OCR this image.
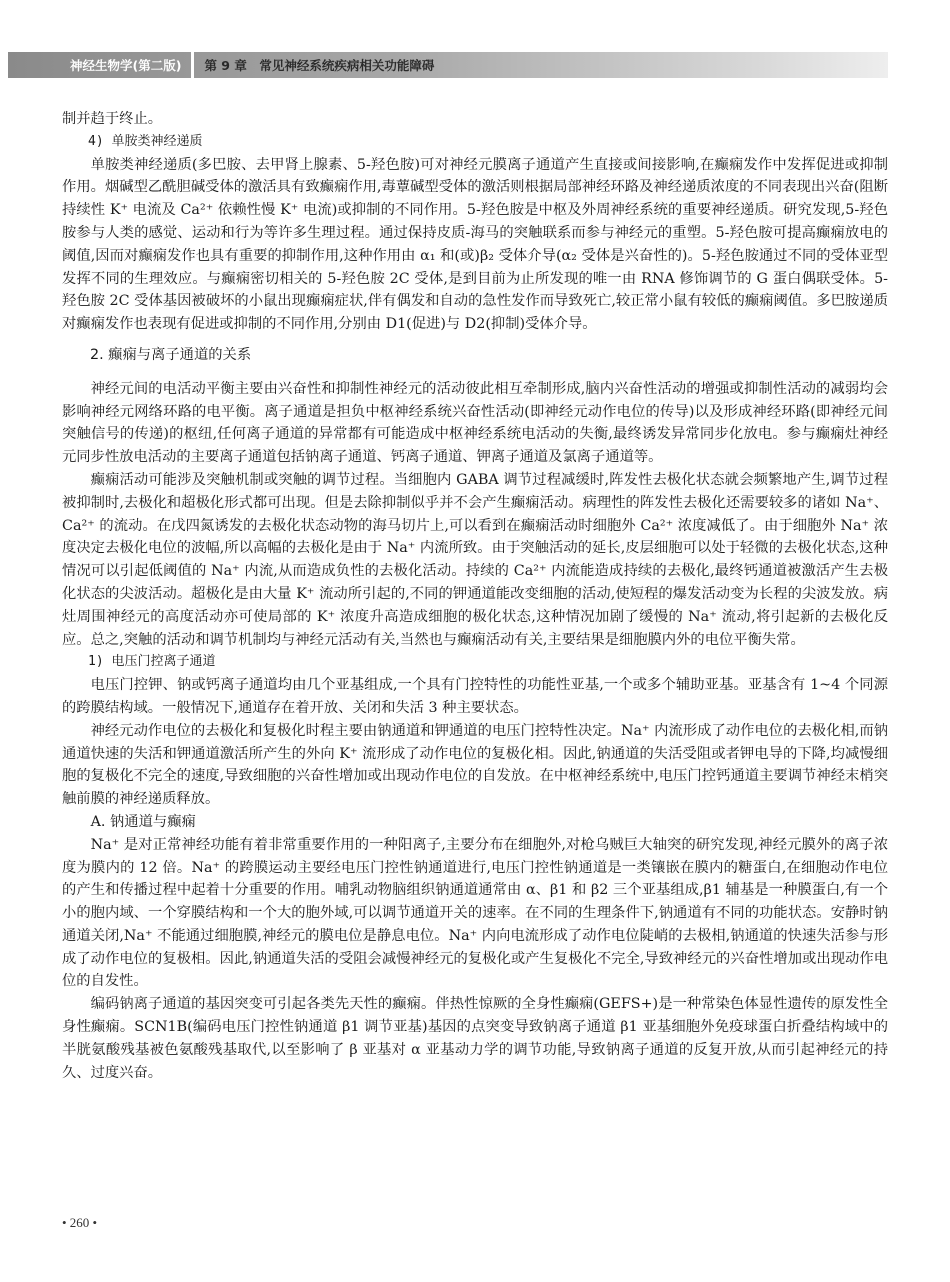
神经生物学(第二版)	第 9 章　常见神经系统疾病相关功能障碍

制并趋于终止。

4) 单胺类神经递质

单胺类神经递质(多巴胺、去甲肾上腺素、5-羟色胺)可对神经元膜离子通道产生直接或间接影响,在癫痫发作中发挥促进或抑制作用。烟碱型乙酰胆碱受体的激活具有致癫痫作用,毒蕈碱型受体的激活则根据局部神经环路及神经递质浓度的不同表现出兴奋(阻断持续性 K⁺ 电流及 Ca²⁺ 依赖性慢 K⁺ 电流)或抑制的不同作用。5-羟色胺是中枢及外周神经系统的重要神经递质。研究发现,5-羟色胺参与人类的感觉、运动和行为等许多生理过程。通过保持皮质-海马的突触联系而参与神经元的重塑。5-羟色胺可提高癫痫放电的阈值,因而对癫痫发作也具有重要的抑制作用,这种作用由 α₁ 和(或)β₂ 受体介导(α₂ 受体是兴奋性的)。5-羟色胺通过不同的受体亚型发挥不同的生理效应。与癫痫密切相关的 5-羟色胺 2C 受体,是到目前为止所发现的唯一由 RNA 修饰调节的 G 蛋白偶联受体。5-羟色胺 2C 受体基因被破坏的小鼠出现癫痫症状,伴有偶发和自动的急性发作而导致死亡,较正常小鼠有较低的癫痫阈值。多巴胺递质对癫痫发作也表现有促进或抑制的不同作用,分别由 D1(促进)与 D2(抑制)受体介导。

2. 癫痫与离子通道的关系

神经元间的电活动平衡主要由兴奋性和抑制性神经元的活动彼此相互牵制形成,脑内兴奋性活动的增强或抑制性活动的减弱均会影响神经元网络环路的电平衡。离子通道是担负中枢神经系统兴奋性活动(即神经元动作电位的传导)以及形成神经环路(即神经元间突触信号的传递)的枢纽,任何离子通道的异常都有可能造成中枢神经系统电活动的失衡,最终诱发异常同步化放电。参与癫痫灶神经元同步性放电活动的主要离子通道包括钠离子通道、钙离子通道、钾离子通道及氯离子通道等。

癫痫活动可能涉及突触机制或突触的调节过程。当细胞内 GABA 调节过程减缓时,阵发性去极化状态就会频繁地产生,调节过程被抑制时,去极化和超极化形式都可出现。但是去除抑制似乎并不会产生癫痫活动。病理性的阵发性去极化还需要较多的诸如 Na⁺、Ca²⁺ 的流动。在戊四氮诱发的去极化状态动物的海马切片上,可以看到在癫痫活动时细胞外 Ca²⁺ 浓度减低了。由于细胞外 Na⁺ 浓度决定去极化电位的波幅,所以高幅的去极化是由于 Na⁺ 内流所致。由于突触活动的延长,皮层细胞可以处于轻微的去极化状态,这种情况可以引起低阈值的 Na⁺ 内流,从而造成负性的去极化活动。持续的 Ca²⁺ 内流能造成持续的去极化,最终钙通道被激活产生去极化状态的尖波活动。超极化是由大量 K⁺ 流动所引起的,不同的钾通道能改变细胞的活动,使短程的爆发活动变为长程的尖波发放。病灶周围神经元的高度活动亦可使局部的 K⁺ 浓度升高造成细胞的极化状态,这种情况加剧了缓慢的 Na⁺ 流动,将引起新的去极化反应。总之,突触的活动和调节机制均与神经元活动有关,当然也与癫痫活动有关,主要结果是细胞膜内外的电位平衡失常。

1) 电压门控离子通道

电压门控钾、钠或钙离子通道均由几个亚基组成,一个具有门控特性的功能性亚基,一个或多个辅助亚基。亚基含有 1~4 个同源的跨膜结构域。一般情况下,通道存在着开放、关闭和失活 3 种主要状态。

神经元动作电位的去极化和复极化时程主要由钠通道和钾通道的电压门控特性决定。Na⁺ 内流形成了动作电位的去极化相,而钠通道快速的失活和钾通道激活所产生的外向 K⁺ 流形成了动作电位的复极化相。因此,钠通道的失活受阻或者钾电导的下降,均减慢细胞的复极化不完全的速度,导致细胞的兴奋性增加或出现动作电位的自发放。在中枢神经系统中,电压门控钙通道主要调节神经末梢突触前膜的神经递质释放。

A. 钠通道与癫痫

Na⁺ 是对正常神经功能有着非常重要作用的一种阳离子,主要分布在细胞外,对枪乌贼巨大轴突的研究发现,神经元膜外的离子浓度为膜内的 12 倍。Na⁺ 的跨膜运动主要经电压门控性钠通道进行,电压门控性钠通道是一类镶嵌在膜内的糖蛋白,在细胞动作电位的产生和传播过程中起着十分重要的作用。哺乳动物脑组织钠通道通常由 α、β1 和 β2 三个亚基组成,β1 辅基是一种膜蛋白,有一个小的胞内域、一个穿膜结构和一个大的胞外域,可以调节通道开关的速率。在不同的生理条件下,钠通道有不同的功能状态。安静时钠通道关闭,Na⁺ 不能通过细胞膜,神经元的膜电位是静息电位。Na⁺ 内向电流形成了动作电位陡峭的去极相,钠通道的快速失活参与形成了动作电位的复极相。因此,钠通道失活的受阻会减慢神经元的复极化或产生复极化不完全,导致神经元的兴奋性增加或出现动作电位的自发性。

编码钠离子通道的基因突变可引起各类先天性的癫痫。伴热性惊厥的全身性癫痫(GEFS+)是一种常染色体显性遗传的原发性全身性癫痫。SCN1B(编码电压门控性钠通道 β1 调节亚基)基因的点突变导致钠离子通道 β1 亚基细胞外免疫球蛋白折叠结构域中的半胱氨酸残基被色氨酸残基取代,以至影响了 β 亚基对 α 亚基动力学的调节功能,导致钠离子通道的反复开放,从而引起神经元的持久、过度兴奋。

• 260 •
